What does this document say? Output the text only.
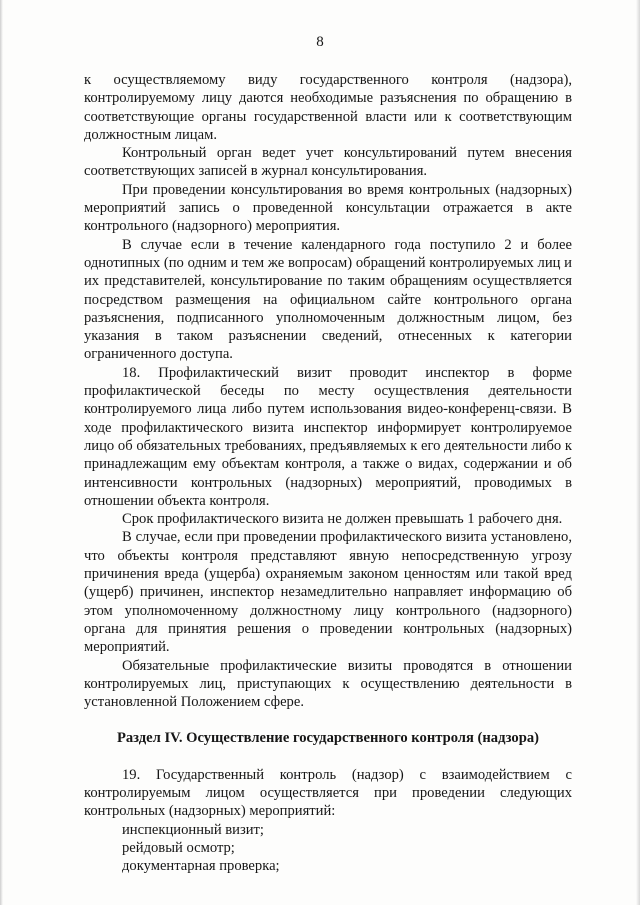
8

к осуществляемому виду государственного контроля (надзора), контролируемому лицу даются необходимые разъяснения по обращению в соответствующие органы государственной власти или к соответствующим должностным лицам.

Контрольный орган ведет учет консультирований путем внесения соответствующих записей в журнал консультирования.

При проведении консультирования во время контрольных (надзорных) мероприятий запись о проведенной консультации отражается в акте контрольного (надзорного) мероприятия.

В случае если в течение календарного года поступило 2 и более однотипных (по одним и тем же вопросам) обращений контролируемых лиц и их представителей, консультирование по таким обращениям осуществляется посредством размещения на официальном сайте контрольного органа разъяснения, подписанного уполномоченным должностным лицом, без указания в таком разъяснении сведений, отнесенных к категории ограниченного доступа.

18. Профилактический визит проводит инспектор в форме профилактической беседы по месту осуществления деятельности контролируемого лица либо путем использования видео-конференц-связи. В ходе профилактического визита инспектор информирует контролируемое лицо об обязательных требованиях, предъявляемых к его деятельности либо к принадлежащим ему объектам контроля, а также о видах, содержании и об интенсивности контрольных (надзорных) мероприятий, проводимых в отношении объекта контроля.

Срок профилактического визита не должен превышать 1 рабочего дня.

В случае, если при проведении профилактического визита установлено, что объекты контроля представляют явную непосредственную угрозу причинения вреда (ущерба) охраняемым законом ценностям или такой вред (ущерб) причинен, инспектор незамедлительно направляет информацию об этом уполномоченному должностному лицу контрольного (надзорного) органа для принятия решения о проведении контрольных (надзорных) мероприятий.

Обязательные профилактические визиты проводятся в отношении контролируемых лиц, приступающих к осуществлению деятельности в установленной Положением сфере.

Раздел IV. Осуществление государственного контроля (надзора)

19. Государственный контроль (надзор) с взаимодействием с контролируемым лицом осуществляется при проведении следующих контрольных (надзорных) мероприятий:

инспекционный визит;

рейдовый осмотр;

документарная проверка;
